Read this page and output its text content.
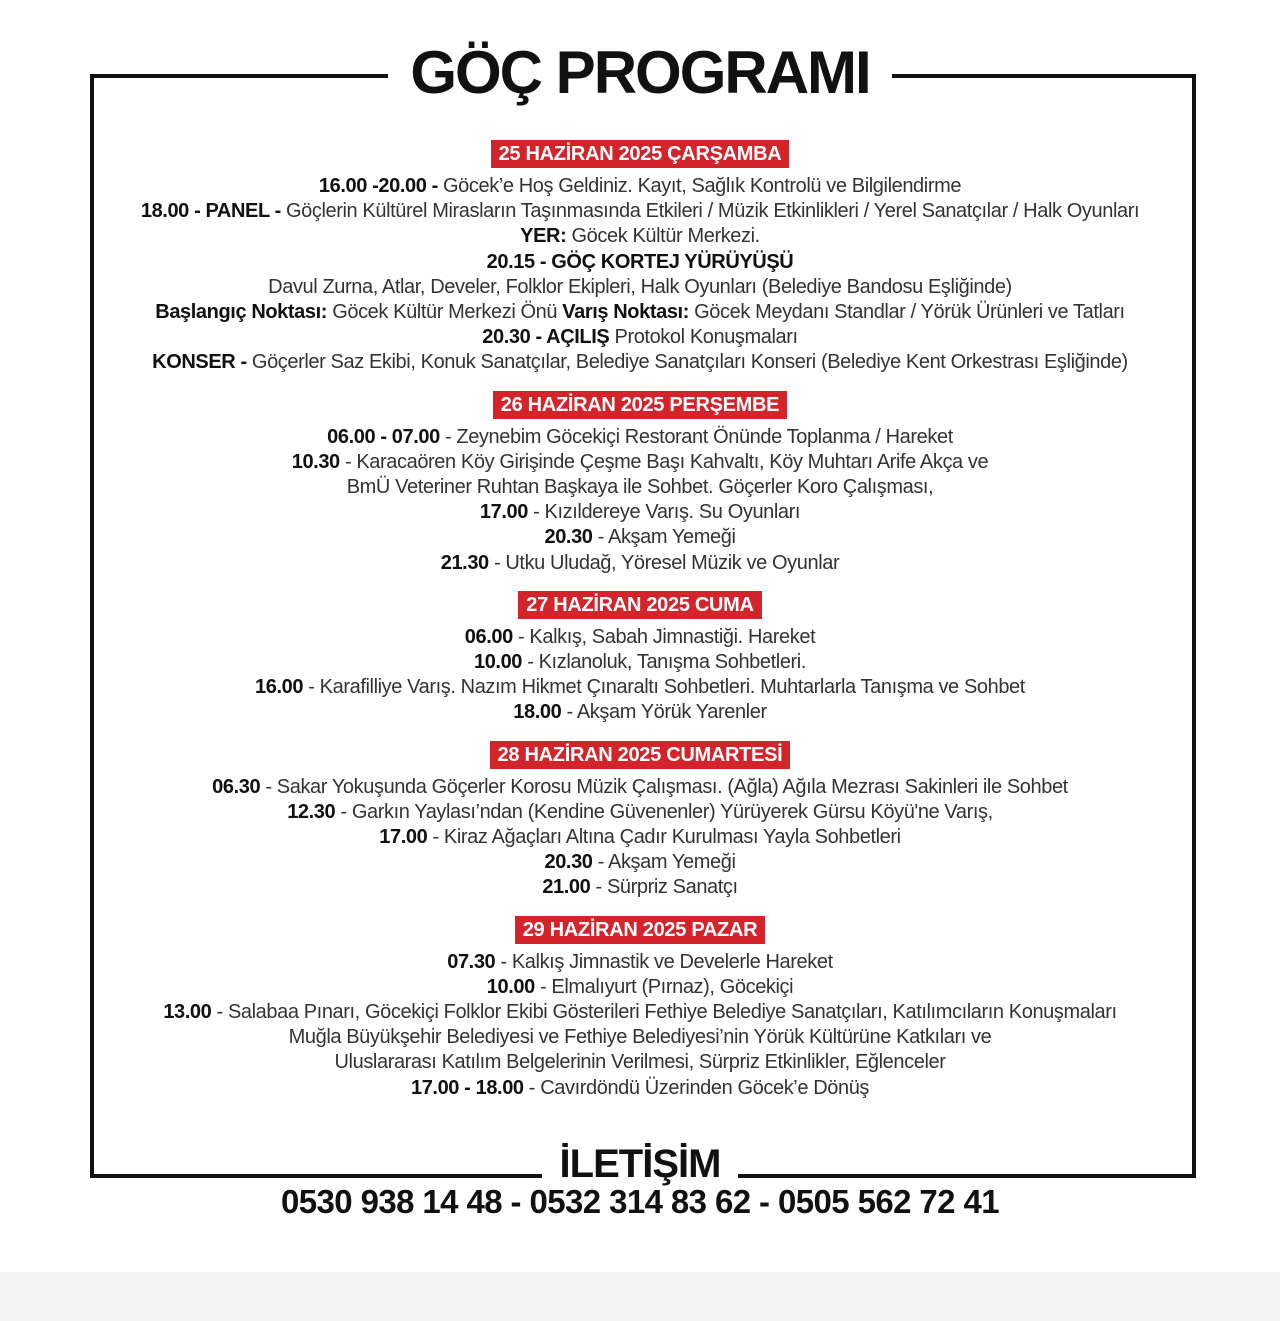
GÖÇ PROGRAMI
25 HAZİRAN 2025 ÇARŞAMBA
16.00 -20.00 - Göcek’e Hoş Geldiniz. Kayıt, Sağlık Kontrolü ve Bilgilendirme
18.00 - PANEL - Göçlerin Kültürel Mirasların Taşınmasında Etkileri / Müzik Etkinlikleri / Yerel Sanatçılar / Halk Oyunları
YER: Göcek Kültür Merkezi.
20.15 - GÖÇ KORTEJ YÜRÜYÜŞÜ
Davul Zurna, Atlar, Develer, Folklor Ekipleri, Halk Oyunları (Belediye Bandosu Eşliğinde)
Başlangıç Noktası: Göcek Kültür Merkezi Önü Varış Noktası: Göcek Meydanı Standlar / Yörük Ürünleri ve Tatları
20.30 - AÇILIŞ Protokol Konuşmaları
KONSER - Göçerler Saz Ekibi, Konuk Sanatçılar, Belediye Sanatçıları Konseri (Belediye Kent Orkestrası Eşliğinde)
26 HAZİRAN 2025 PERŞEMBE
06.00 - 07.00 - Zeynebim Göcekiçi Restorant Önünde Toplanma / Hareket
10.30 - Karacaören Köy Girişinde Çeşme Başı Kahvaltı, Köy Muhtarı Arife Akça ve
BmÜ Veteriner Ruhtan Başkaya ile Sohbet. Göçerler Koro Çalışması,
17.00 - Kızıldereye Varış. Su Oyunları
20.30 - Akşam Yemeği
21.30 - Utku Uludağ, Yöresel Müzik ve Oyunlar
27 HAZİRAN 2025 CUMA
06.00 - Kalkış, Sabah Jimnastiği. Hareket
10.00 - Kızlanoluk, Tanışma Sohbetleri.
16.00 - Karafilliye Varış. Nazım Hikmet Çınaraltı Sohbetleri. Muhtarlarla Tanışma ve Sohbet
18.00 - Akşam Yörük Yarenler
28 HAZİRAN 2025 CUMARTESİ
06.30 - Sakar Yokuşunda Göçerler Korosu Müzik Çalışması. (Ağla) Ağıla Mezrası Sakinleri ile Sohbet
12.30 - Garkın Yaylası’ndan (Kendine Güvenenler) Yürüyerek Gürsu Köyü'ne Varış,
17.00 - Kiraz Ağaçları Altına Çadır Kurulması Yayla Sohbetleri
20.30 - Akşam Yemeği
21.00 - Sürpriz Sanatçı
29 HAZİRAN 2025 PAZAR
07.30 - Kalkış Jimnastik ve Develerle Hareket
10.00 - Elmalıyurt (Pırnaz), Göcekiçi
13.00 - Salabaa Pınarı, Göcekiçi Folklor Ekibi Gösterileri Fethiye Belediye Sanatçıları, Katılımcıların Konuşmaları
Muğla Büyükşehir Belediyesi ve Fethiye Belediyesi’nin Yörük Kültürüne Katkıları ve
Uluslararası Katılım Belgelerinin Verilmesi, Sürpriz Etkinlikler, Eğlenceler
17.00 - 18.00 - Cavırdöndü Üzerinden Göcek’e Dönüş
İLETİŞİM
0530 938 14 48 - 0532 314 83 62 - 0505 562 72 41
